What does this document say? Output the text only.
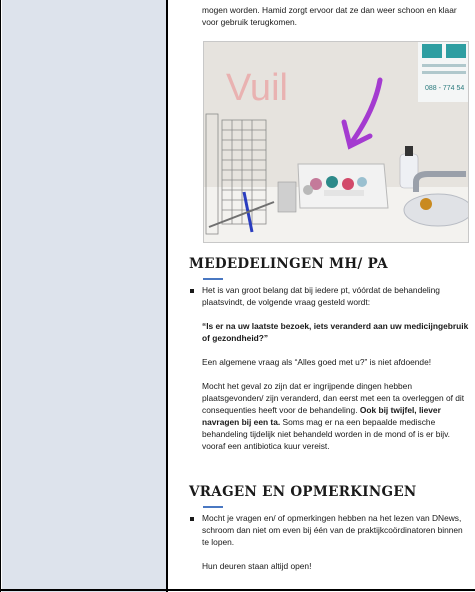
mogen worden. Hamid zorgt ervoor dat ze dan weer schoon en klaar voor gebruik terugkomen.
088 - 774 54
Vuil
MEDEDELINGEN MH/ PA
Het is van groot belang dat bij iedere pt, vóórdat de behandeling plaatsvindt, de volgende vraag gesteld wordt:
“Is er na uw laatste bezoek, iets veranderd aan uw medicijngebruik of gezondheid?”
Een algemene vraag als “Alles goed met u?” is niet afdoende!
Mocht het geval zo zijn dat er ingrijpende dingen hebben plaatsgevonden/ zijn veranderd, dan eerst met een ta overleggen of dit consequenties heeft voor de behandeling. Ook bij twijfel, liever navragen bij een ta. Soms mag er na een bepaalde medische behandeling tijdelijk niet behandeld worden in de mond of is er bijv. vooraf een antibiotica kuur vereist.
VRAGEN EN OPMERKINGEN
Mocht je vragen en/ of opmerkingen hebben na het lezen van DNews, schroom dan niet om even bij één van de praktijkcoördinatoren binnen te lopen.
Hun deuren staan altijd open!
